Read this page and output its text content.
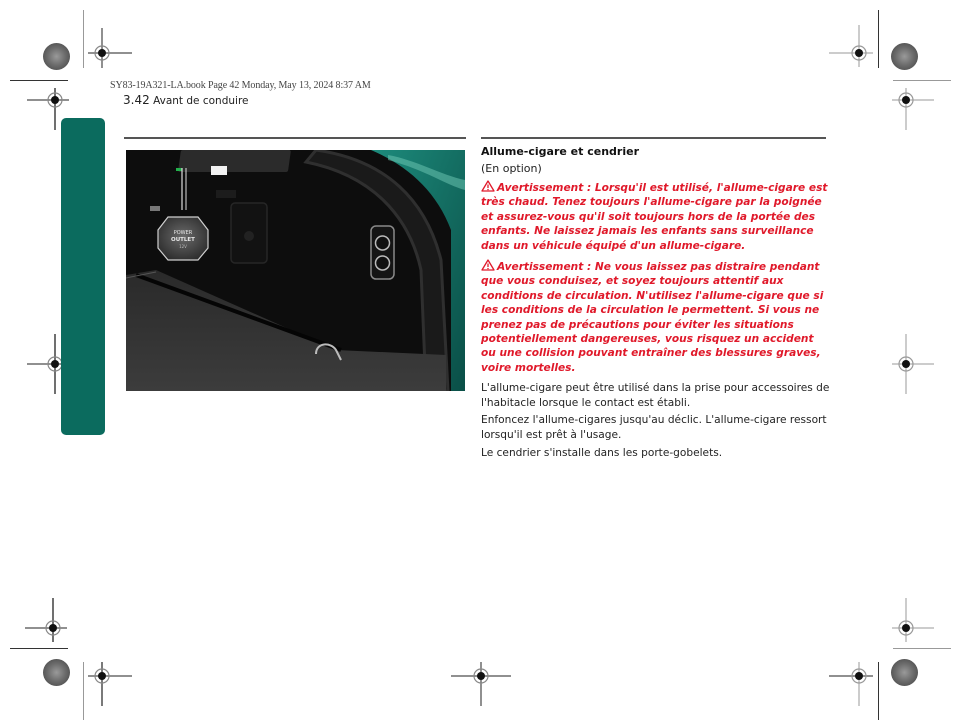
SY83-19A321-LA.book Page 42 Monday, May 13, 2024 8:37 AM
3.42 Avant de conduire
POWER
OUTLET
12V
Allume-cigare et cendrier
(En option)
Avertissement : Lorsqu'il est utilisé, l'allume-cigare est très chaud. Tenez toujours l'allume-cigare par la poignée et assurez-vous qu'il soit toujours hors de la portée des enfants. Ne laissez jamais les enfants sans surveillance dans un véhicule équipé d'un allume-cigare.
Avertissement : Ne vous laissez pas distraire pendant que vous conduisez, et soyez toujours attentif aux conditions de circulation. N'utilisez l'allume-cigare que si les conditions de la circulation le permettent. Si vous ne prenez pas de précautions pour éviter les situations potentiellement dangereuses, vous risquez un accident ou une collision pouvant entraîner des blessures graves, voire mortelles.
L'allume-cigare peut être utilisé dans la prise pour accessoires de l'habitacle lorsque le contact est établi.
Enfoncez l'allume-cigares jusqu'au déclic. L'allume-cigare ressort lorsqu'il est prêt à l'usage.
Le cendrier s'installe dans les porte-gobelets.
